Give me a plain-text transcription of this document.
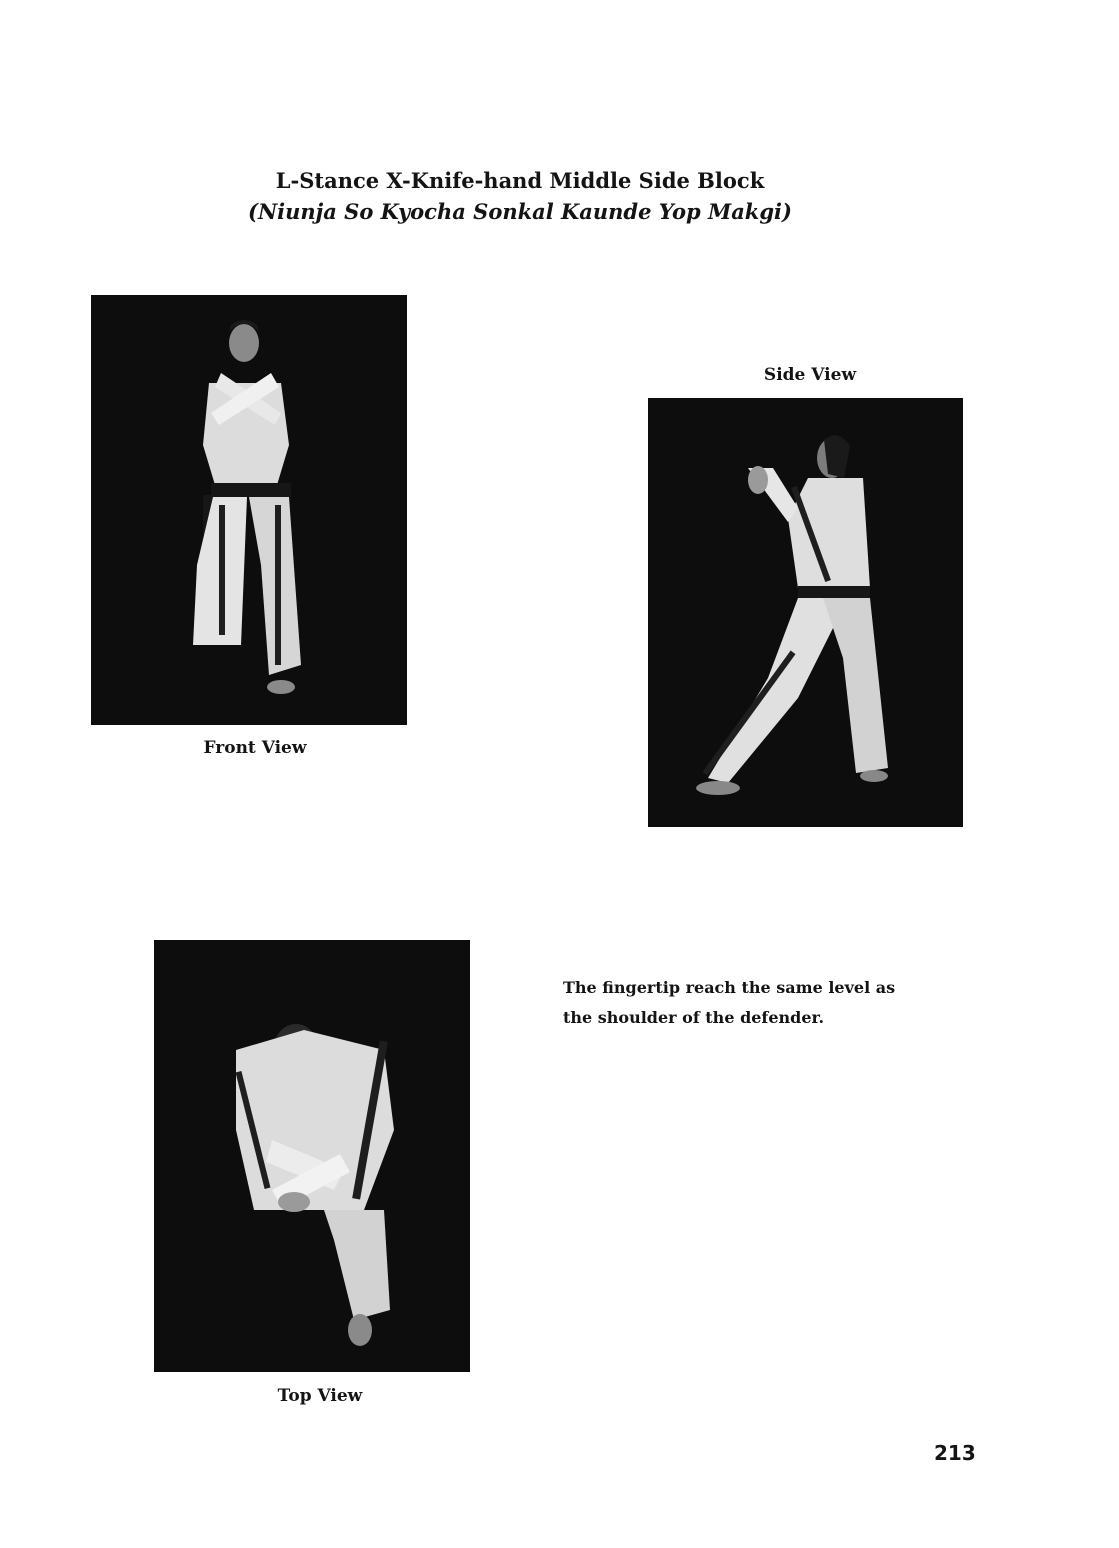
L-Stance X-Knife-hand Middle Side Block
(Niunja So Kyocha Sonkal Kaunde Yop Makgi)
Front View
Side View
Top View
The fingertip reach the same level as the shoulder of the defender.
213
